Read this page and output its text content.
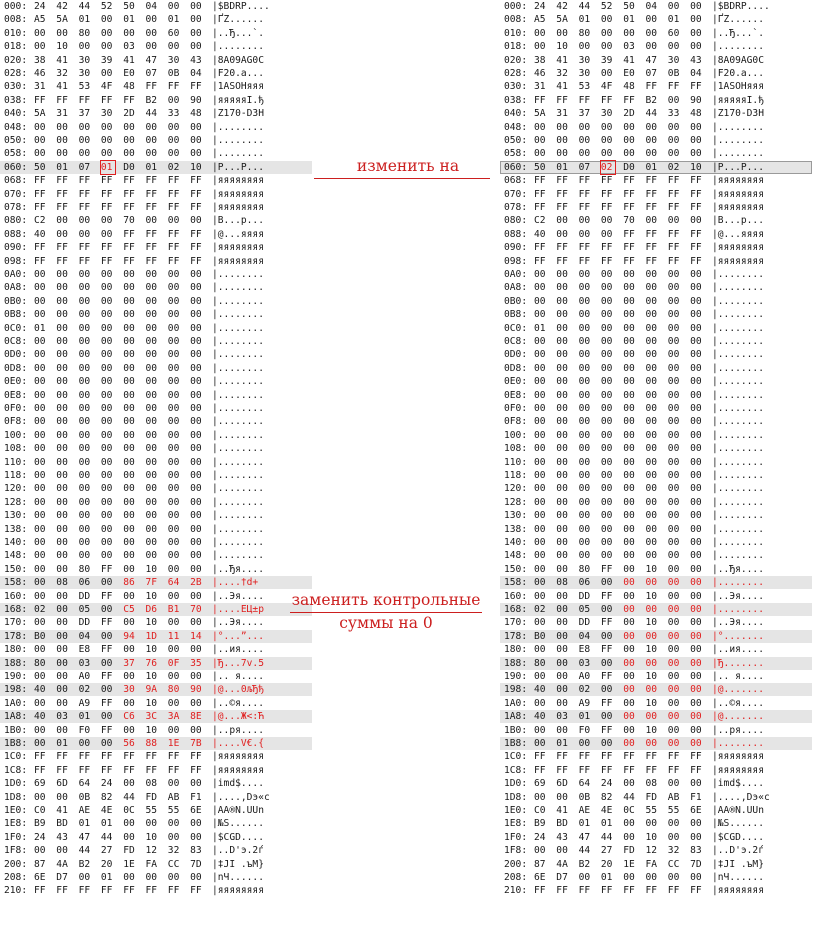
000: 24 42 44 52 50 04 00 00 |$BDRP....
008: A5 5A 01 00 01 00 01 00 |ҐZ......
010: 00 00 80 00 00 00 60 00 |..Ђ...`.
018: 00 10 00 00 03 00 00 00 |........
020: 38 41 30 39 41 47 30 43 |8A09AG0C
028: 46 32 30 00 E0 07 0B 04 |F20.a...
030: 31 41 53 4F 48 FF FF FF |1ASOHяяя
038: FF FF FF FF FF B2 00 90 |яяяяяІ.ђ
040: 5A 31 37 30 2D 44 33 48 |Z170-D3H
048: 00 00 00 00 00 00 00 00 |........
050: 00 00 00 00 00 00 00 00 |........
058: 00 00 00 00 00 00 00 00 |........
060: 50 01 07 01 D0 01 02 10 |P...P...
068: FF FF FF FF FF FF FF FF |яяяяяяяя
070: FF FF FF FF FF FF FF FF |яяяяяяяя
078: FF FF FF FF FF FF FF FF |яяяяяяяя
080: C2 00 00 00 70 00 00 00 |B...p...
088: 40 00 00 00 FF FF FF FF |@...яяяя
090: FF FF FF FF FF FF FF FF |яяяяяяяя
098: FF FF FF FF FF FF FF FF |яяяяяяяя
0A0: 00 00 00 00 00 00 00 00 |........
0A8: 00 00 00 00 00 00 00 00 |........
0B0: 00 00 00 00 00 00 00 00 |........
0B8: 00 00 00 00 00 00 00 00 |........
0C0: 01 00 00 00 00 00 00 00 |........
0C8: 00 00 00 00 00 00 00 00 |........
0D0: 00 00 00 00 00 00 00 00 |........
0D8: 00 00 00 00 00 00 00 00 |........
0E0: 00 00 00 00 00 00 00 00 |........
0E8: 00 00 00 00 00 00 00 00 |........
0F0: 00 00 00 00 00 00 00 00 |........
0F8: 00 00 00 00 00 00 00 00 |........
100: 00 00 00 00 00 00 00 00 |........
108: 00 00 00 00 00 00 00 00 |........
110: 00 00 00 00 00 00 00 00 |........
118: 00 00 00 00 00 00 00 00 |........
120: 00 00 00 00 00 00 00 00 |........
128: 00 00 00 00 00 00 00 00 |........
130: 00 00 00 00 00 00 00 00 |........
138: 00 00 00 00 00 00 00 00 |........
140: 00 00 00 00 00 00 00 00 |........
148: 00 00 00 00 00 00 00 00 |........
150: 00 00 80 FF 00 10 00 00 |..Ђя....
158: 00 08 06 00 86 7F 64 2B |....†d+
160: 00 00 DD FF 00 10 00 00 |..Эя....
168: 02 00 05 00 C5 D6 B1 70 |....ЕЦ±p
170: 00 00 DD FF 00 10 00 00 |..Эя....
178: B0 00 04 00 94 1D 11 14 |°...”...
180: 00 00 E8 FF 00 10 00 00 |..ия....
188: 80 00 03 00 37 76 0F 35 |Ђ...7v.5
190: 00 00 A0 FF 00 10 00 00 |.. я....
198: 40 00 02 00 30 9A 80 90 |@...0љЂђ
1A0: 00 00 A9 FF 00 10 00 00 |..©я....
1A8: 40 03 01 00 C6 3C 3A 8E |@...Ж<:Ћ
1B0: 00 00 F0 FF 00 10 00 00 |..ря....
1B8: 00 01 00 00 56 88 1E 7B |....V€.{
1C0: FF FF FF FF FF FF FF FF |яяяяяяяя
1C8: FF FF FF FF FF FF FF FF |яяяяяяяя
1D0: 69 6D 64 24 00 08 00 00 |imd$....
1D8: 00 00 0B 82 44 FD AB F1 |....,Dэ«c
1E0: C0 41 AE 4E 0C 55 55 6E |AA®N.UUn
1E8: B9 BD 01 01 00 00 00 00 |№S......
1F0: 24 43 47 44 00 10 00 00 |$CGD....
1F8: 00 00 44 27 FD 12 32 83 |..D'э.2ѓ
200: 87 4A B2 20 1E FA CC 7D |‡JІ .ъМ}
208: 6E D7 00 01 00 00 00 00 |nЧ......
210: FF FF FF FF FF FF FF FF |яяяяяяяя
000: 24 42 44 52 50 04 00 00 |$BDRP....
008: A5 5A 01 00 01 00 01 00 |ҐZ......
010: 00 00 80 00 00 00 60 00 |..Ђ...`.
018: 00 10 00 00 03 00 00 00 |........
020: 38 41 30 39 41 47 30 43 |8A09AG0C
028: 46 32 30 00 E0 07 0B 04 |F20.a...
030: 31 41 53 4F 48 FF FF FF |1ASOHяяя
038: FF FF FF FF FF B2 00 90 |яяяяяІ.ђ
040: 5A 31 37 30 2D 44 33 48 |Z170-D3H
048: 00 00 00 00 00 00 00 00 |........
050: 00 00 00 00 00 00 00 00 |........
058: 00 00 00 00 00 00 00 00 |........
060: 50 01 07 02 D0 01 02 10 |P...P...
068: FF FF FF FF FF FF FF FF |яяяяяяяя
070: FF FF FF FF FF FF FF FF |яяяяяяяя
078: FF FF FF FF FF FF FF FF |яяяяяяяя
080: C2 00 00 00 70 00 00 00 |B...p...
088: 40 00 00 00 FF FF FF FF |@...яяяя
090: FF FF FF FF FF FF FF FF |яяяяяяяя
098: FF FF FF FF FF FF FF FF |яяяяяяяя
0A0: 00 00 00 00 00 00 00 00 |........
0A8: 00 00 00 00 00 00 00 00 |........
0B0: 00 00 00 00 00 00 00 00 |........
0B8: 00 00 00 00 00 00 00 00 |........
0C0: 01 00 00 00 00 00 00 00 |........
0C8: 00 00 00 00 00 00 00 00 |........
0D0: 00 00 00 00 00 00 00 00 |........
0D8: 00 00 00 00 00 00 00 00 |........
0E0: 00 00 00 00 00 00 00 00 |........
0E8: 00 00 00 00 00 00 00 00 |........
0F0: 00 00 00 00 00 00 00 00 |........
0F8: 00 00 00 00 00 00 00 00 |........
100: 00 00 00 00 00 00 00 00 |........
108: 00 00 00 00 00 00 00 00 |........
110: 00 00 00 00 00 00 00 00 |........
118: 00 00 00 00 00 00 00 00 |........
120: 00 00 00 00 00 00 00 00 |........
128: 00 00 00 00 00 00 00 00 |........
130: 00 00 00 00 00 00 00 00 |........
138: 00 00 00 00 00 00 00 00 |........
140: 00 00 00 00 00 00 00 00 |........
148: 00 00 00 00 00 00 00 00 |........
150: 00 00 80 FF 00 10 00 00 |..Ђя....
158: 00 08 06 00 00 00 00 00 |........
160: 00 00 DD FF 00 10 00 00 |..Эя....
168: 02 00 05 00 00 00 00 00 |........
170: 00 00 DD FF 00 10 00 00 |..Эя....
178: B0 00 04 00 00 00 00 00 |°.......
180: 00 00 E8 FF 00 10 00 00 |..ия....
188: 80 00 03 00 00 00 00 00 |Ђ.......
190: 00 00 A0 FF 00 10 00 00 |.. я....
198: 40 00 02 00 00 00 00 00 |@.......
1A0: 00 00 A9 FF 00 10 00 00 |..©я....
1A8: 40 03 01 00 00 00 00 00 |@.......
1B0: 00 00 F0 FF 00 10 00 00 |..ря....
1B8: 00 01 00 00 00 00 00 00 |........
1C0: FF FF FF FF FF FF FF FF |яяяяяяяя
1C8: FF FF FF FF FF FF FF FF |яяяяяяяя
1D0: 69 6D 64 24 00 08 00 00 |imd$....
1D8: 00 00 0B 82 44 FD AB F1 |....,Dэ«c
1E0: C0 41 AE 4E 0C 55 55 6E |AA®N.UUn
1E8: B9 BD 01 01 00 00 00 00 |№S......
1F0: 24 43 47 44 00 10 00 00 |$CGD....
1F8: 00 00 44 27 FD 12 32 83 |..D'э.2ѓ
200: 87 4A B2 20 1E FA CC 7D |‡JІ .ъМ}
208: 6E D7 00 01 00 00 00 00 |nЧ......
210: FF FF FF FF FF FF FF FF |яяяяяяяя
изменить на
заменить контрольные
суммы на 0
